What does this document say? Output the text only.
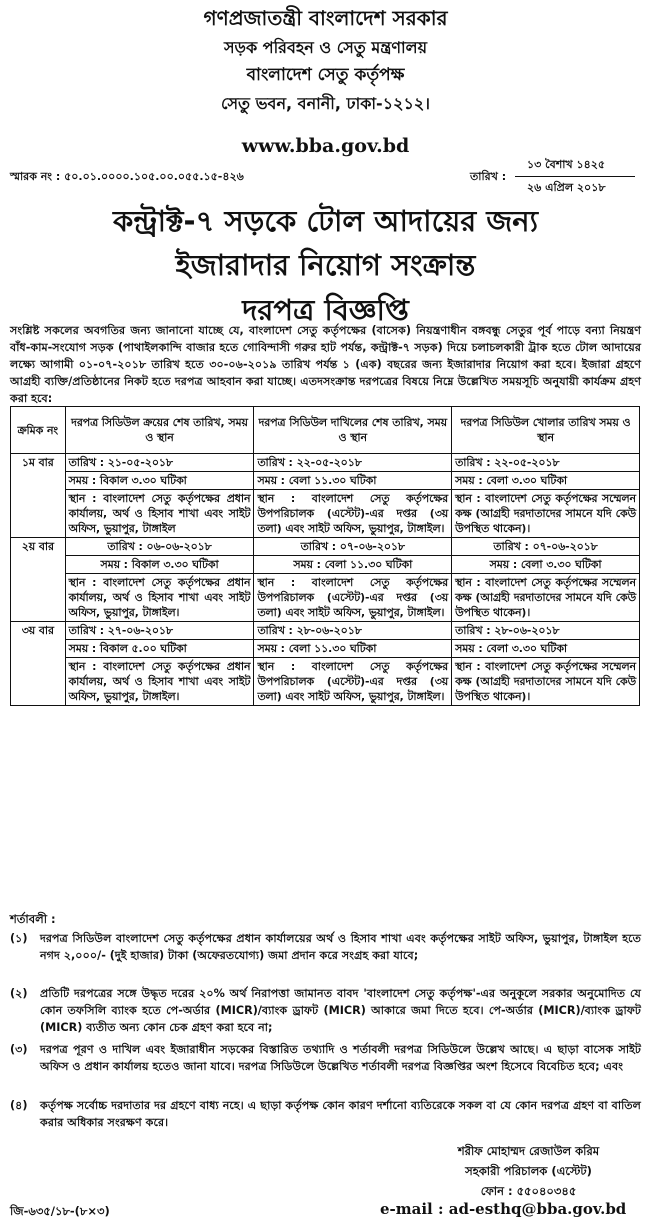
গণপ্রজাতন্ত্রী বাংলাদেশ সরকার
সড়ক পরিবহন ও সেতু মন্ত্রণালয়
বাংলাদেশ সেতু কর্তৃপক্ষ
সেতু ভবন, বনানী, ঢাকা-১২১২।
www.bba.gov.bd
স্মারক নং : ৫০.০১.০০০০.১০৫.০০.০৫৫.১৫-৪২৬	তারিখ :
১৩ বৈশাখ ১৪২৫
২৬ এপ্রিল ২০১৮
কন্ট্রাক্ট-৭ সড়কে টোল আদায়ের জন্য
ইজারাদার নিয়োগ সংক্রান্ত
দরপত্র বিজ্ঞপ্তি
সংশ্লিষ্ট সকলের অবগতির জন্য জানানো যাচ্ছে যে, বাংলাদেশ সেতু কর্তৃপক্ষের (বাসেক) নিয়ন্ত্রণাধীন বঙ্গবন্ধু সেতুর পূর্ব পাড়ে বন্যা নিয়ন্ত্রণ বাঁধ-কাম-সংযোগ সড়ক (পাথাইলকান্দি বাজার হতে গোবিন্দাসী গরুর হাট পর্যন্ত, কন্ট্রাক্ট-৭ সড়ক) দিয়ে চলাচলকারী ট্রাক হতে টোল আদায়ের লক্ষ্যে আগামী ০১-০৭-২০১৮ তারিখ হতে ৩০-০৬-২০১৯ তারিখ পর্যন্ত ১ (এক) বছরের জন্য ইজারাদার নিয়োগ করা হবে। ইজারা গ্রহণে আগ্রহী ব্যক্তি/প্রতিষ্ঠানের নিকট হতে দরপত্র আহবান করা যাচ্ছে। এতদসংক্রান্ত দরপত্রের বিষয়ে নিম্নে উল্লেখিত সময়সূচি অনুযায়ী কার্যক্রম গ্রহণ করা হবে:
ক্রমিক নং	দরপত্র সিডিউল ক্রয়ের শেষ তারিখ, সময় ও স্থান	দরপত্র সিডিউল দাখিলের শেষ তারিখ, সময় ও স্থান	দরপত্র সিডিউল খোলার তারিখ সময় ও স্থান
১ম বার	তারিখ : ২১-০৫-২০১৮	তারিখ : ২২-০৫-২০১৮	তারিখ : ২২-০৫-২০১৮
	সময় : বিকাল ৩.৩০ ঘটিকা	সময় : বেলা ১১.৩০ ঘটিকা	সময় : বেলা ৩.৩০ ঘটিকা
	স্থান : বাংলাদেশ সেতু কর্তৃপক্ষের প্রধান কার্যালয়, অর্থ ও হিসাব শাখা এবং সাইট অফিস, ভুয়াপুর, টাঙ্গাইল	স্থান : বাংলাদেশ সেতু কর্তৃপক্ষের উপপরিচালক (এস্টেট)-এর দপ্তর (৩য় তলা) এবং সাইট অফিস, ভুয়াপুর, টাঙ্গাইল।	স্থান : বাংলাদেশ সেতু কর্তৃপক্ষের সম্মেলন কক্ষ (আগ্রহী দরদাতাদের সামনে যদি কেউ উপস্থিত থাকেন)।
২য় বার	তারিখ : ০৬-০৬-২০১৮	তারিখ : ০৭-০৬-২০১৮	তারিখ : ০৭-০৬-২০১৮
	সময় : বিকাল ৩.৩০ ঘটিকা	সময় : বেলা ১১.৩০ ঘটিকা	সময় : বেলা ৩.৩০ ঘটিকা
	স্থান : বাংলাদেশ সেতু কর্তৃপক্ষের প্রধান কার্যালয়, অর্থ ও হিসাব শাখা এবং সাইট অফিস, ভুয়াপুর, টাঙ্গাইল।	স্থান : বাংলাদেশ সেতু কর্তৃপক্ষের উপপরিচালক (এস্টেট)-এর দপ্তর (৩য় তলা) এবং সাইট অফিস, ভুয়াপুর, টাঙ্গাইল।	স্থান : বাংলাদেশ সেতু কর্তৃপক্ষের সম্মেলন কক্ষ (আগ্রহী দরদাতাদের সামনে যদি কেউ উপস্থিত থাকেন)।
৩য় বার	তারিখ : ২৭-০৬-২০১৮	তারিখ : ২৮-০৬-২০১৮	তারিখ : ২৮-০৬-২০১৮
	সময় : বিকাল ৫.০০ ঘটিকা	সময় : বেলা ১১.৩০ ঘটিকা	সময় : বেলা ৩.৩০ ঘটিকা
	স্থান : বাংলাদেশ সেতু কর্তৃপক্ষের প্রধান কার্যালয়, অর্থ ও হিসাব শাখা এবং সাইট অফিস, ভুয়াপুর, টাঙ্গাইল।	স্থান : বাংলাদেশ সেতু কর্তৃপক্ষের উপপরিচালক (এস্টেট)-এর দপ্তর (৩য় তলা) এবং সাইট অফিস, ভুয়াপুর, টাঙ্গাইল।	স্থান : বাংলাদেশ সেতু কর্তৃপক্ষের সম্মেলন কক্ষ (আগ্রহী দরদাতাদের সামনে যদি কেউ উপস্থিত থাকেন)।
শর্তাবলী :
(১)	দরপত্র সিডিউল বাংলাদেশ সেতু কর্তৃপক্ষের প্রধান কার্যালয়ের অর্থ ও হিসাব শাখা এবং কর্তৃপক্ষের সাইট অফিস, ভুয়াপুর, টাঙ্গাইল হতে নগদ ২,০০০/- (দুই হাজার) টাকা (অফেরতযোগ্য) জমা প্রদান করে সংগ্রহ করা যাবে;
(২)	প্রতিটি দরপত্রের সঙ্গে উদ্ধৃত দরের ২০% অর্থ নিরাপত্তা জামানত বাবদ 'বাংলাদেশ সেতু কর্তৃপক্ষ'-এর অনুকূলে সরকার অনুমোদিত যে কোন তফসিলি ব্যাংক হতে পে-অর্ডার (MICR)/ব্যাংক ড্রাফট (MICR) আকারে জমা দিতে হবে। পে-অর্ডার (MICR)/ব্যাংক ড্রাফট (MICR) ব্যতীত অন্য কোন চেক গ্রহণ করা হবে না;
(৩)	দরপত্র পূরণ ও দাখিল এবং ইজারাধীন সড়কের বিস্তারিত তথ্যাদি ও শর্তাবলী দরপত্র সিডিউলে উল্লেখ আছে। এ ছাড়া বাসেক সাইট অফিস ও প্রধান কার্যালয় হতেও জানা যাবে। দরপত্র সিডিউলে উল্লেখিত শর্তাবলী দরপত্র বিজ্ঞপ্তির অংশ হিসেবে বিবেচিত হবে; এবং
(৪)	কর্তৃপক্ষ সর্বোচ্চ দরদাতার দর গ্রহণে বাধ্য নহে। এ ছাড়া কর্তৃপক্ষ কোন কারণ দর্শানো ব্যতিরেকে সকল বা যে কোন দরপত্র গ্রহণ বা বাতিল করার অধিকার সংরক্ষণ করে।
শরীফ মোহাম্মদ রেজাউল করিম
সহকারী পরিচালক (এস্টেট)
ফোন : ৫৫০৪০৩৪৫
জি-৬৩৫/১৮-(৮×৩)	e-mail : ad-esthq@bba.gov.bd
